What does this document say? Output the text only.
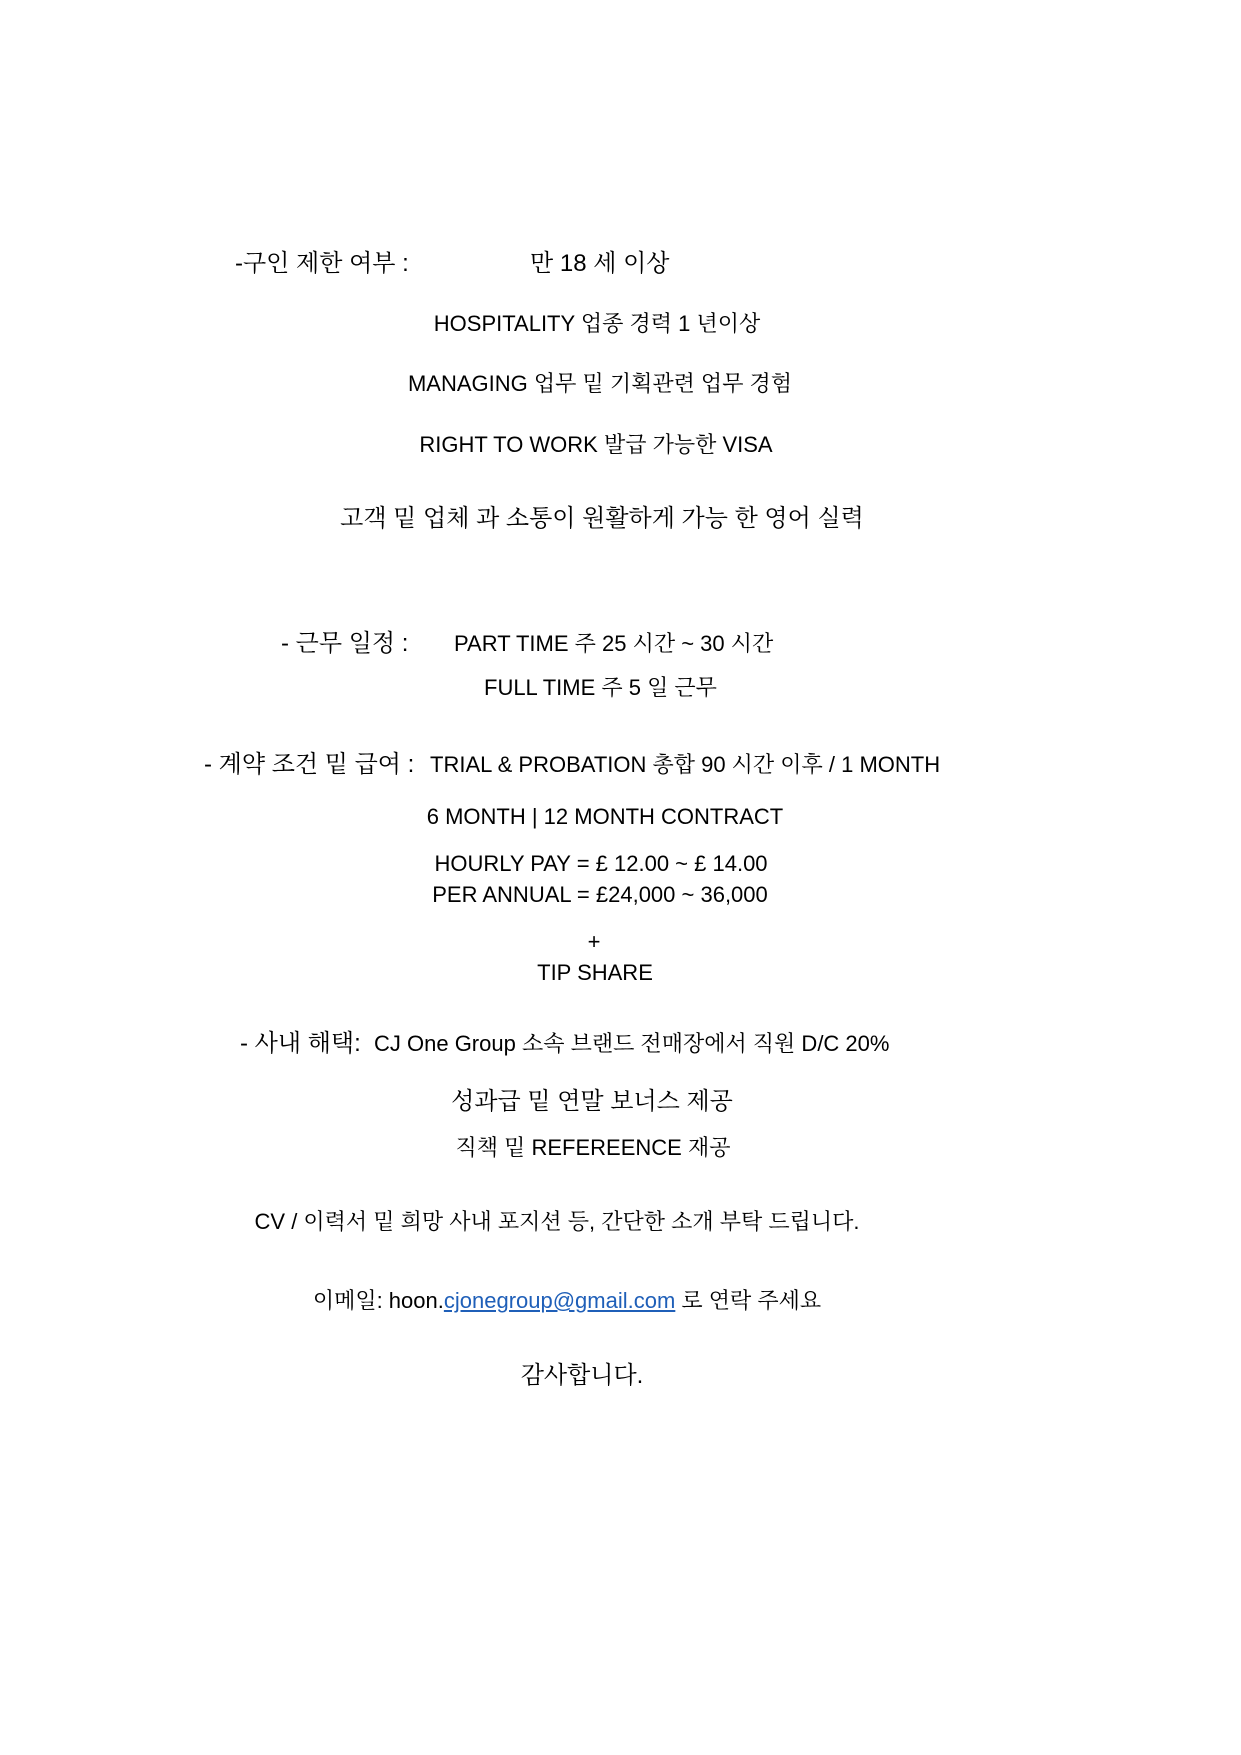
-구인 제한 여부 :	만 18 세 이상
HOSPITALITY 업종 경력 1 년이상
MANAGING 업무 밑 기획관련 업무 경험
RIGHT TO WORK 발급 가능한 VISA
고객 밑 업체 과 소통이 원활하게 가능 한 영어 실력
- 근무 일정 : PART TIME 주 25 시간 ~ 30 시간
FULL TIME 주 5 일 근무
- 계약 조건 밑 급여 : TRIAL & PROBATION 총합 90 시간 이후 / 1 MONTH
6 MONTH | 12 MONTH CONTRACT
HOURLY PAY = £ 12.00 ~ £ 14.00
PER ANNUAL = £24,000 ~ 36,000
+
TIP SHARE
- 사내 해택: CJ One Group 소속 브랜드 전매장에서 직원 D/C 20%
성과급 밑 연말 보너스 제공
직책 밑 REFEREENCE 재공
CV / 이력서 밑 희망 사내 포지션 등, 간단한 소개 부탁 드립니다.
이메일: hoon.cjonegroup@gmail.com 로 연락 주세요
감사합니다.
